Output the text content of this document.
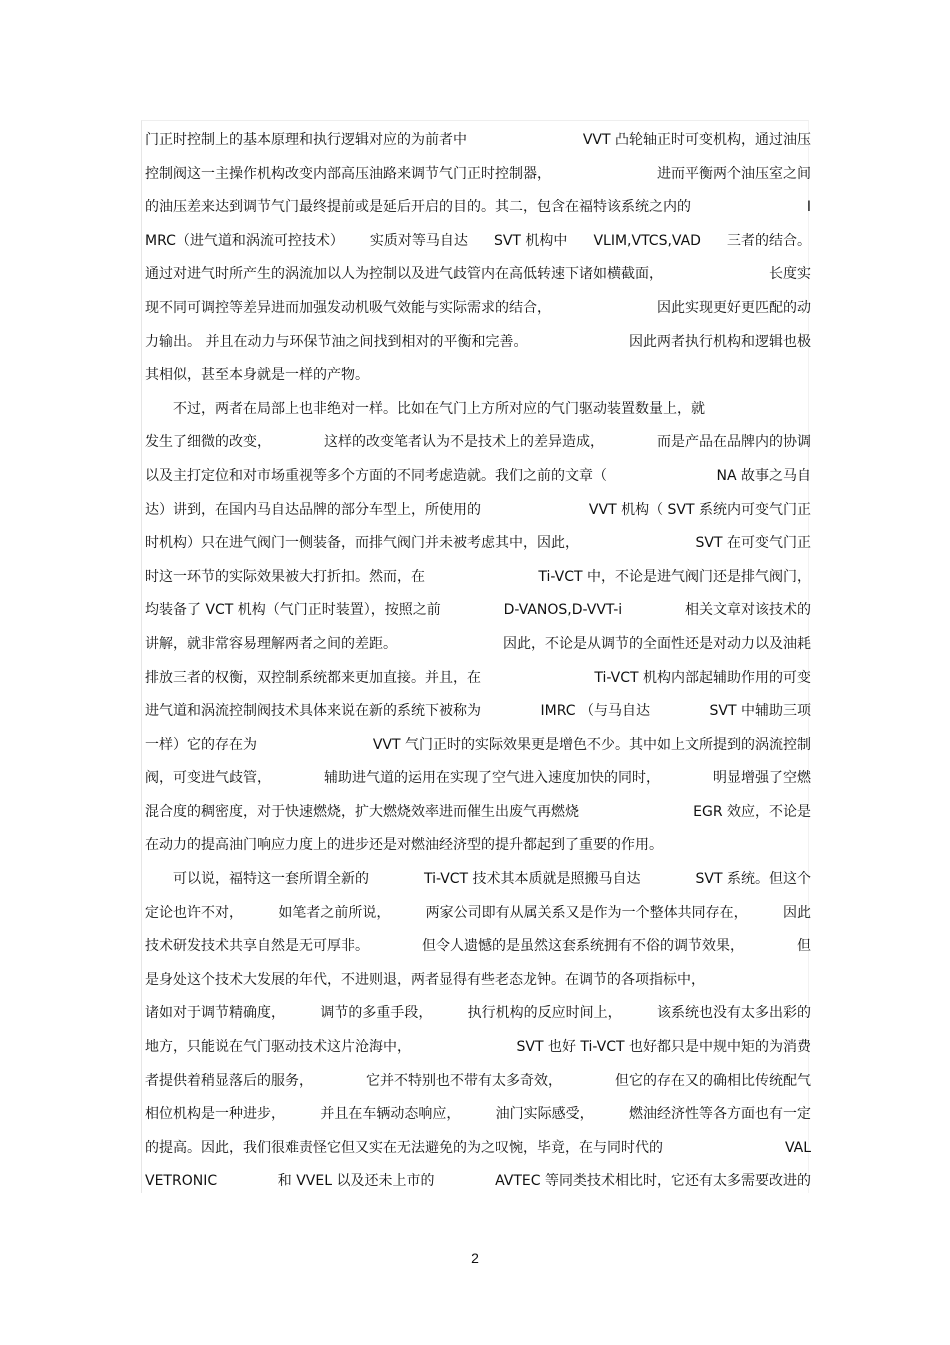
门正时控制上的基本原理和执行逻辑对应的为前者中	VVT 凸轮轴正时可变机构，通过油压
控制阀这一主操作机构改变内部高压油路来调节气门正时控制器，	进而平衡两个油压室之间
的油压差来达到调节气门最终提前或是延后开启的目的。其二，包含在福特该系统之内的	I
MRC（进气道和涡流可控技术） 实质对等马自达 SVT 机构中 VLIM,VTCS,VAD 三者的结合。
通过对进气时所产生的涡流加以人为控制以及进气歧管内在高低转速下诸如横截面，	长度实
现不同可调控等差异进而加强发动机吸气效能与实际需求的结合，	因此实现更好更匹配的动
力输出。 并且在动力与环保节油之间找到相对的平衡和完善。	因此两者执行机构和逻辑也极
其相似，甚至本身就是一样的产物。
不过，两者在局部上也非绝对一样。比如在气门上方所对应的气门驱动装置数量上，就
发生了细微的改变，	这样的改变笔者认为不是技术上的差异造成，	而是产品在品牌内的协调
以及主打定位和对市场重视等多个方面的不同考虑造就。我们之前的文章（	NA 故事之马自
达）讲到，在国内马自达品牌的部分车型上，所使用的	VVT 机构（ SVT 系统内可变气门正
时机构）只在进气阀门一侧装备，而排气阀门并未被考虑其中，因此，	SVT 在可变气门正
时这一环节的实际效果被大打折扣。然而，在	Ti-VCT 中，不论是进气阀门还是排气阀门，
均装备了 VCT 机构（气门正时装置），按照之前	D-VANOS,D-VVT-i	相关文章对该技术的
讲解，就非常容易理解两者之间的差距。	因此，不论是从调节的全面性还是对动力以及油耗
排放三者的权衡，双控制系统都来更加直接。并且，在	Ti-VCT 机构内部起辅助作用的可变
进气道和涡流控制阀技术具体来说在新的系统下被称为	IMRC （与马自达	SVT 中辅助三项
一样）它的存在为	VVT 气门正时的实际效果更是增色不少。其中如上文所提到的涡流控制
阀，可变进气歧管，	辅助进气道的运用在实现了空气进入速度加快的同时，	明显增强了空燃
混合度的稠密度，对于快速燃烧，扩大燃烧效率进而催生出废气再燃烧	EGR 效应，不论是
在动力的提高油门响应力度上的进步还是对燃油经济型的提升都起到了重要的作用。
可以说，福特这一套所谓全新的	Ti-VCT 技术其本质就是照搬马自达	SVT 系统。但这个
定论也许不对，	如笔者之前所说，	两家公司即有从属关系又是作为一个整体共同存在，	因此
技术研发技术共享自然是无可厚非。	但令人遗憾的是虽然这套系统拥有不俗的调节效果，	但
是身处这个技术大发展的年代，不进则退，两者显得有些老态龙钟。在调节的各项指标中，
诸如对于调节精确度，	调节的多重手段，	执行机构的反应时间上，	该系统也没有太多出彩的
地方，只能说在气门驱动技术这片沧海中，	SVT 也好 Ti-VCT 也好都只是中规中矩的为消费
者提供着稍显落后的服务，	它并不特别也不带有太多奇效，	但它的存在又的确相比传统配气
相位机构是一种进步，	并且在车辆动态响应，	油门实际感受，	燃油经济性等各方面也有一定
的提高。因此，我们很难责怪它但又实在无法避免的为之叹惋，毕竟，在与同时代的	VAL
VETRONIC	和 VVEL 以及还未上市的	AVTEC 等同类技术相比时，它还有太多需要改进的
2
